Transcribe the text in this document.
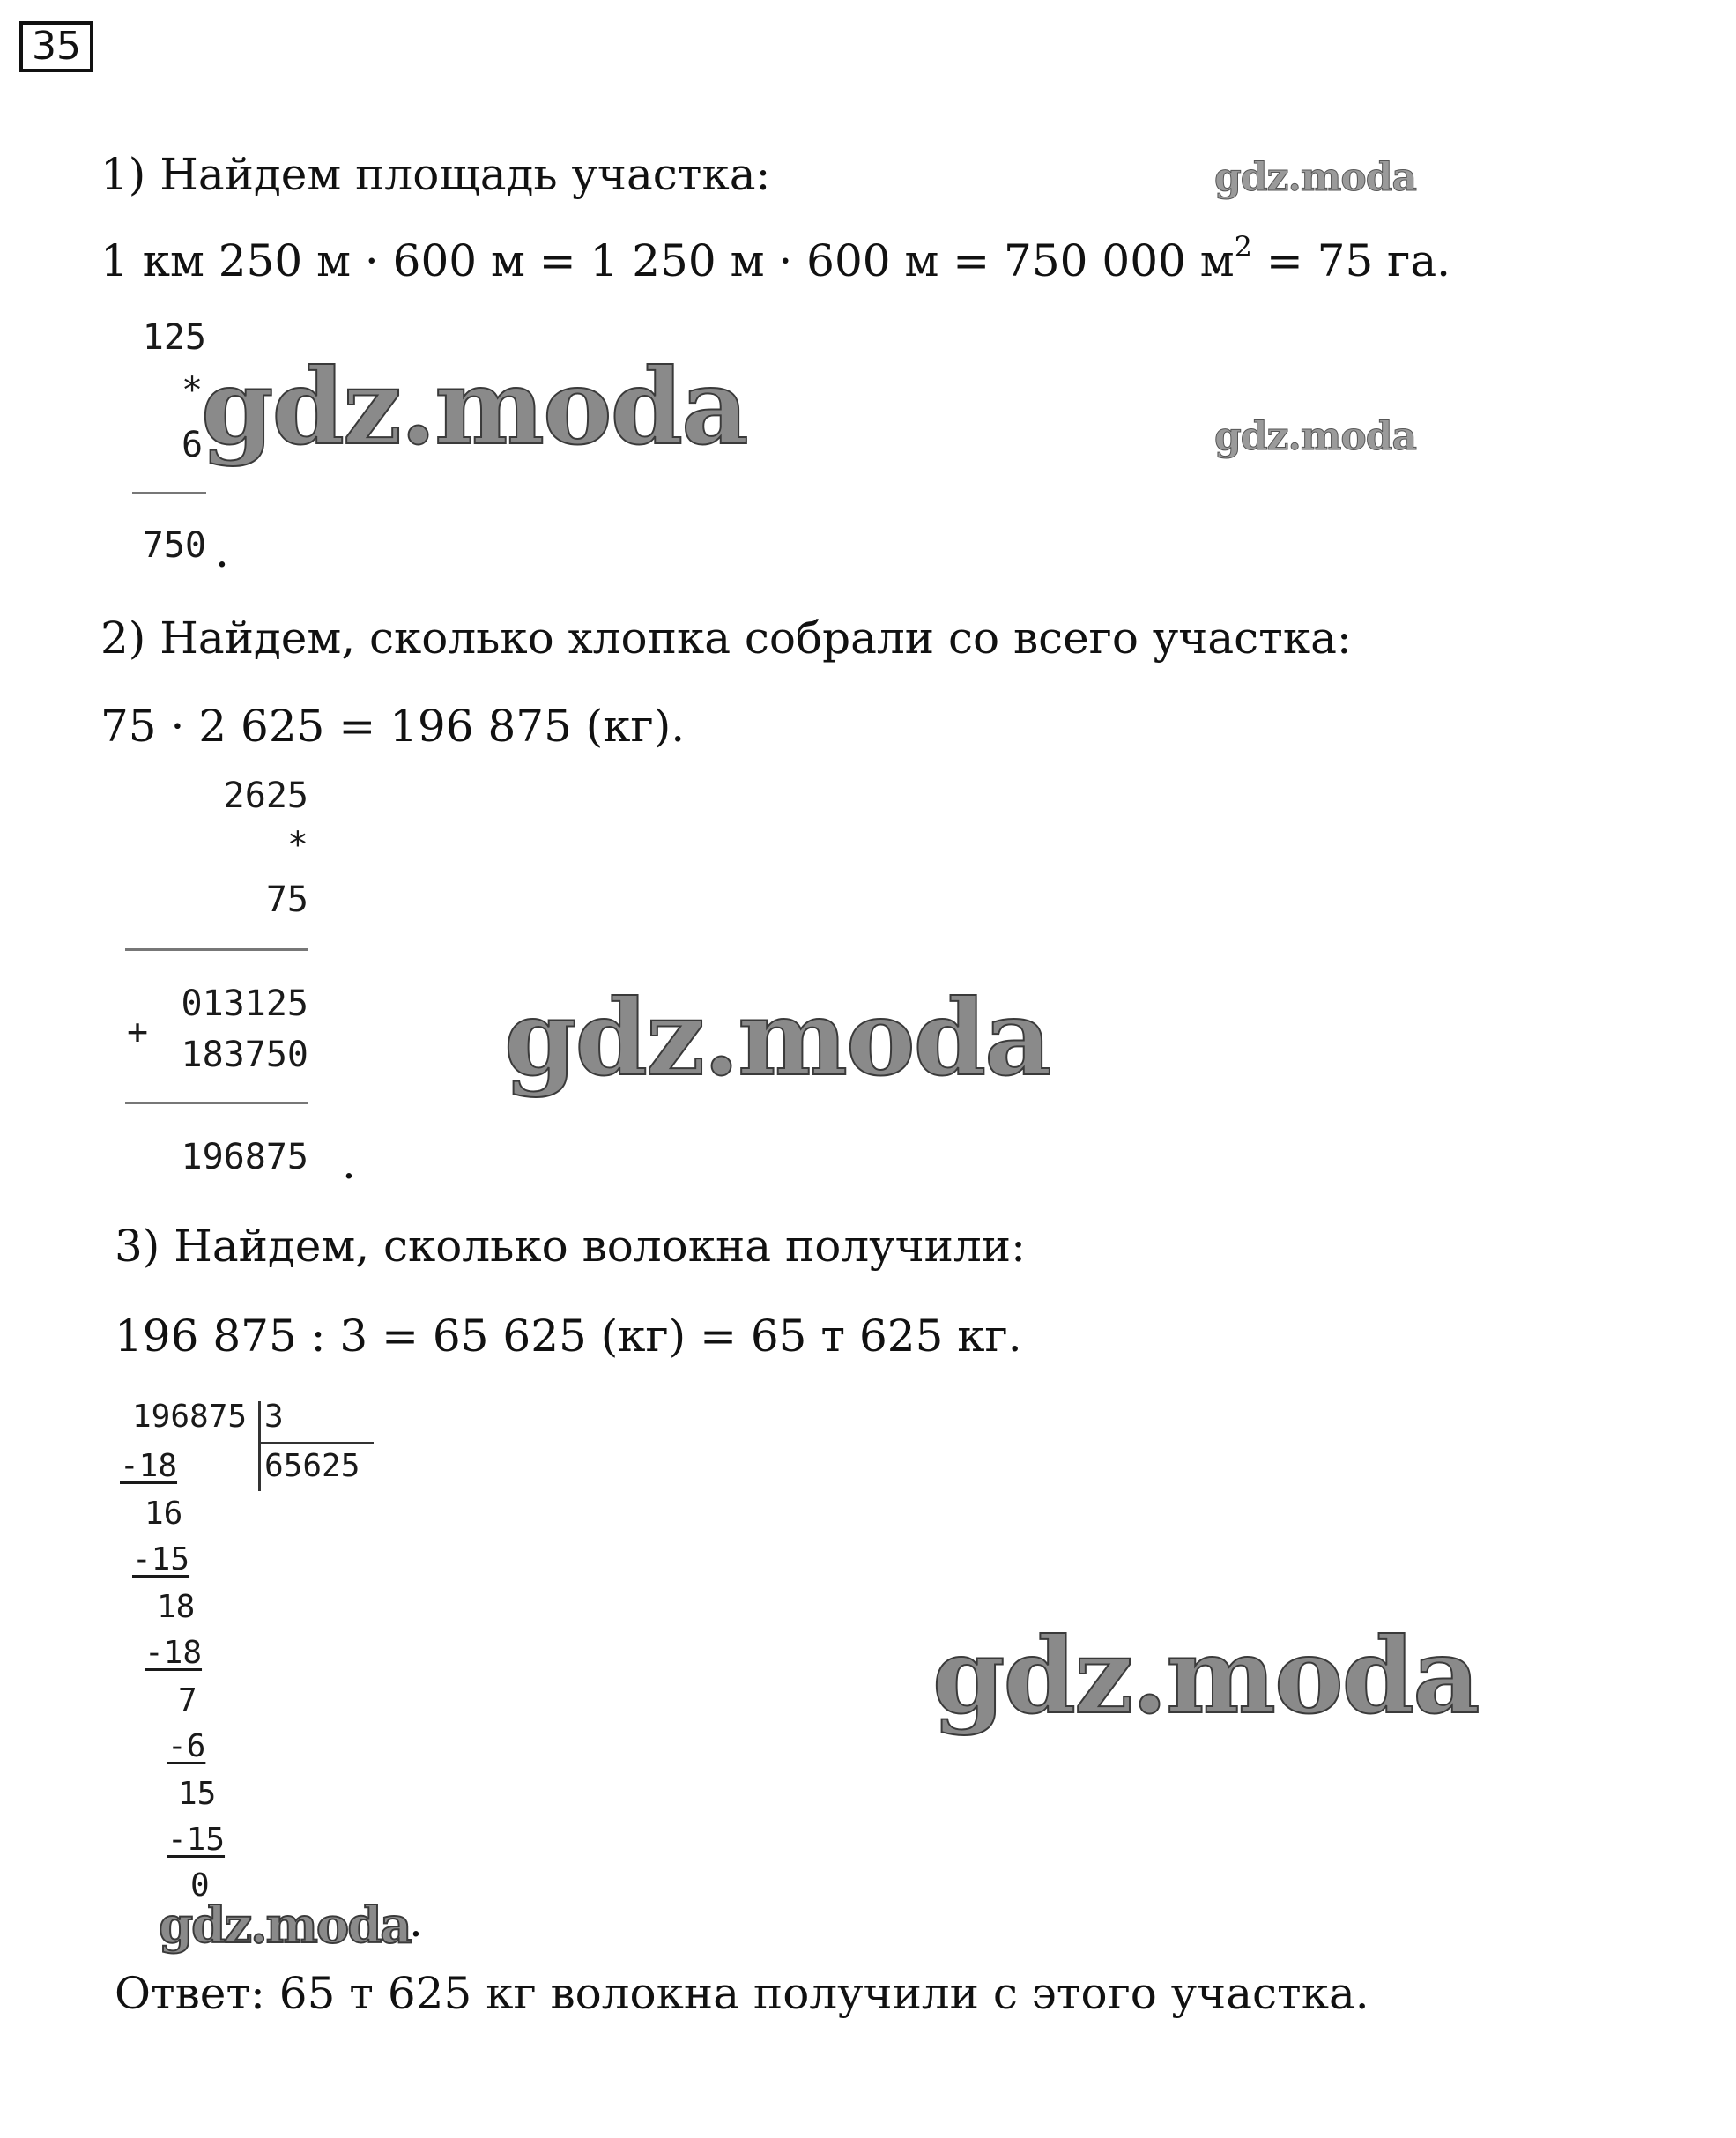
35
gdz.moda
gdz.moda
gdz.moda
gdz.moda
gdz.moda
gdz.moda
1) Найдем площадь участка:
1 км 250 м · 600 м = 1 250 м · 600 м = 750 000 $м^2 = 75$ га.
125
*
6
750 .
2) Найдем, сколько хлопка собрали со всего участка:
75 · 2 625 = 196 875 (кг).
2625
*
75
013125
+
183750
196875 .
3) Найдем, сколько волокна получили:
196 875 : 3 = 65 625 (кг) = 65 т 625 кг.
196875 3
65625
-18
16
-15
18
-18
7
-6
15
-15
0
.
Ответ: 65 т 625 кг волокна получили с этого участка.
